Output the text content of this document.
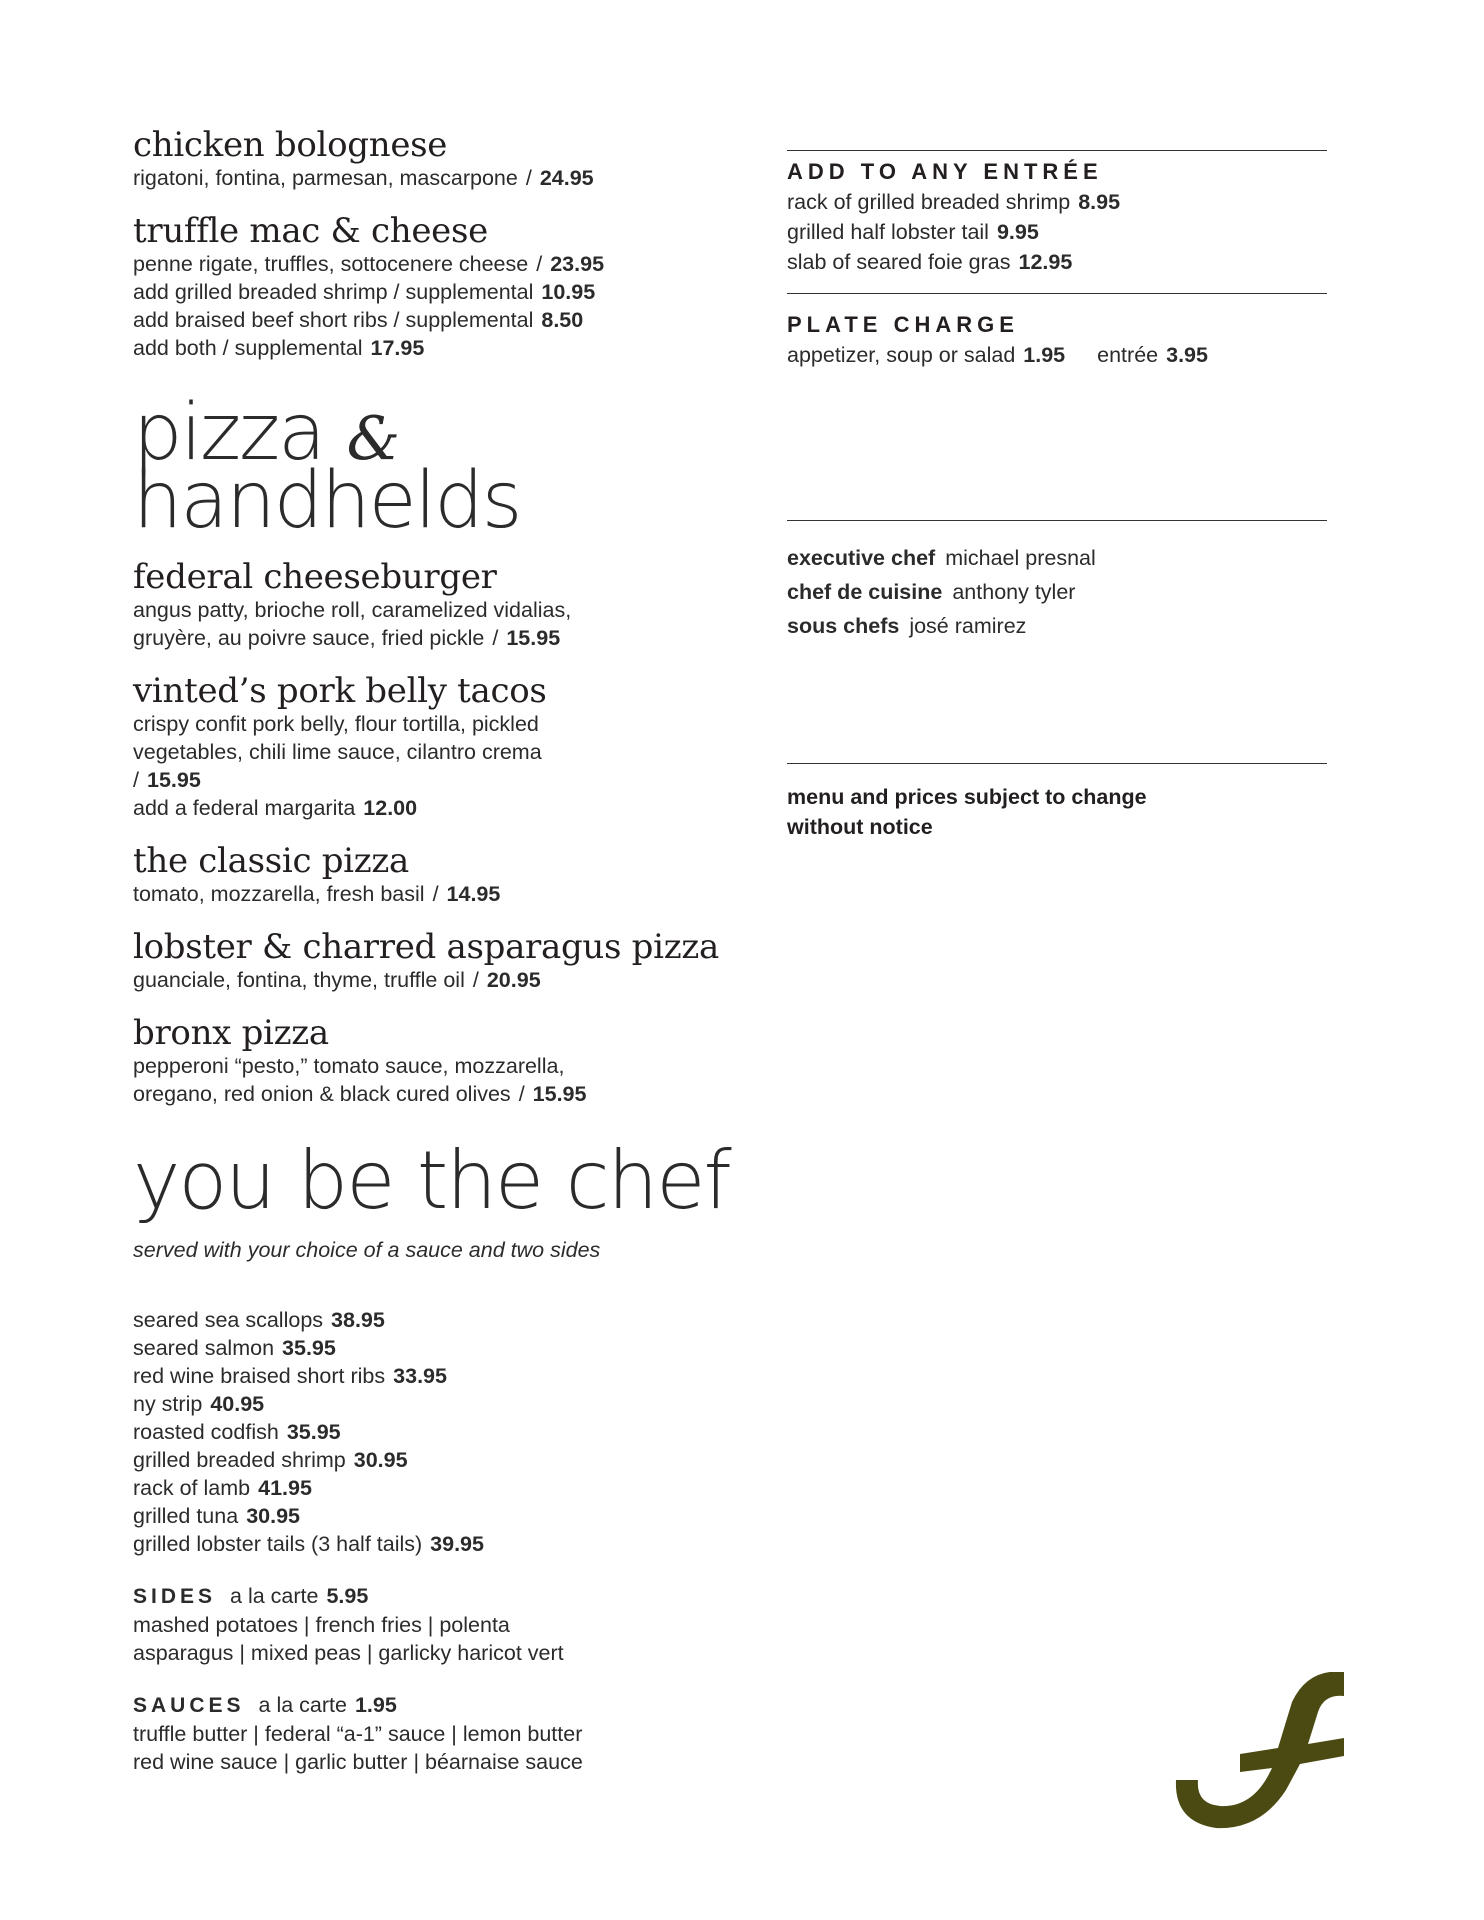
chicken bolognese
rigatoni, fontina, parmesan, mascarpone / 24.95
truffle mac & cheese
penne rigate, truffles, sottocenere cheese / 23.95
add grilled breaded shrimp / supplemental 10.95
add braised beef short ribs / supplemental 8.50
add both / supplemental 17.95
pizza &
handhelds
federal cheeseburger
angus patty, brioche roll, caramelized vidalias,
gruyère, au poivre sauce, fried pickle / 15.95
vinted’s pork belly tacos
crispy confit pork belly, flour tortilla, pickled
vegetables, chili lime sauce, cilantro crema
/ 15.95
add a federal margarita 12.00
the classic pizza
tomato, mozzarella, fresh basil / 14.95
lobster & charred asparagus pizza
guanciale, fontina, thyme, truffle oil / 20.95
bronx pizza
pepperoni “pesto,” tomato sauce, mozzarella,
oregano, red onion & black cured olives / 15.95
you be the chef
served with your choice of a sauce and two sides
seared sea scallops 38.95
seared salmon 35.95
red wine braised short ribs 33.95
ny strip 40.95
roasted codfish 35.95
grilled breaded shrimp 30.95
rack of lamb 41.95
grilled tuna 30.95
grilled lobster tails (3 half tails) 39.95
SIDES a la carte 5.95
mashed potatoes | french fries | polenta
asparagus | mixed peas | garlicky haricot vert
SAUCES a la carte 1.95
truffle butter | federal “a-1” sauce | lemon butter
red wine sauce | garlic butter | béarnaise sauce
ADD TO ANY ENTRÉE
rack of grilled breaded shrimp 8.95
grilled half lobster tail 9.95
slab of seared foie gras 12.95
PLATE CHARGE
appetizer, soup or salad 1.95 entrée 3.95
executive chef michael presnal
chef de cuisine anthony tyler
sous chefs josé ramirez
menu and prices subject to change
without notice
